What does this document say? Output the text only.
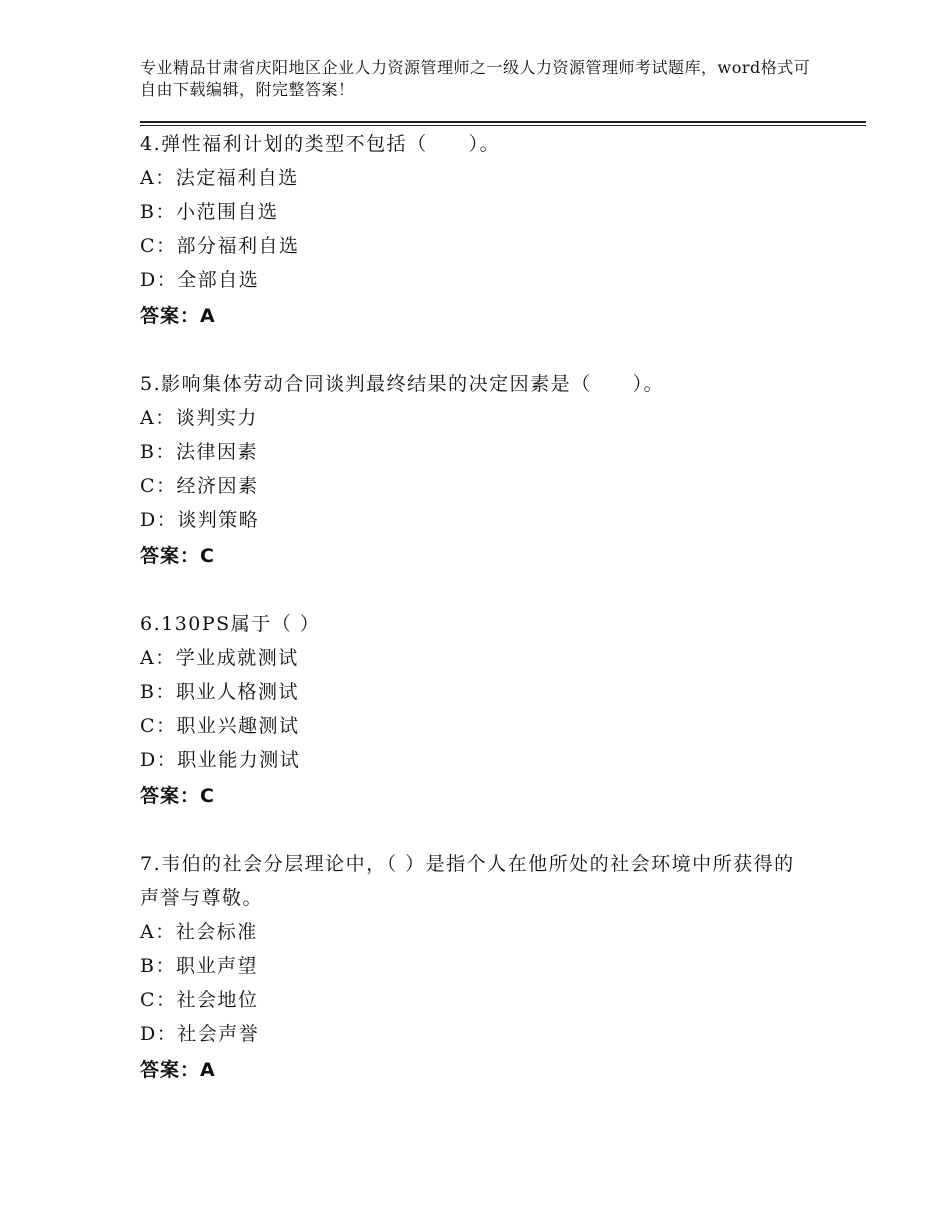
专业精品甘肃省庆阳地区企业人力资源管理师之一级人力资源管理师考试题库，word格式可自由下载编辑，附完整答案！
4.弹性福利计划的类型不包括（　　）。
A：法定福利自选
B：小范围自选
C：部分福利自选
D：全部自选
答案：A
5.影响集体劳动合同谈判最终结果的决定因素是（　　）。
A：谈判实力
B：法律因素
C：经济因素
D：谈判策略
答案：C
6.130PS属于（ ）
A：学业成就测试
B：职业人格测试
C：职业兴趣测试
D：职业能力测试
答案：C
7.韦伯的社会分层理论中，（ ）是指个人在他所处的社会环境中所获得的声誉与尊敬。
A：社会标准
B：职业声望
C：社会地位
D：社会声誉
答案：A
